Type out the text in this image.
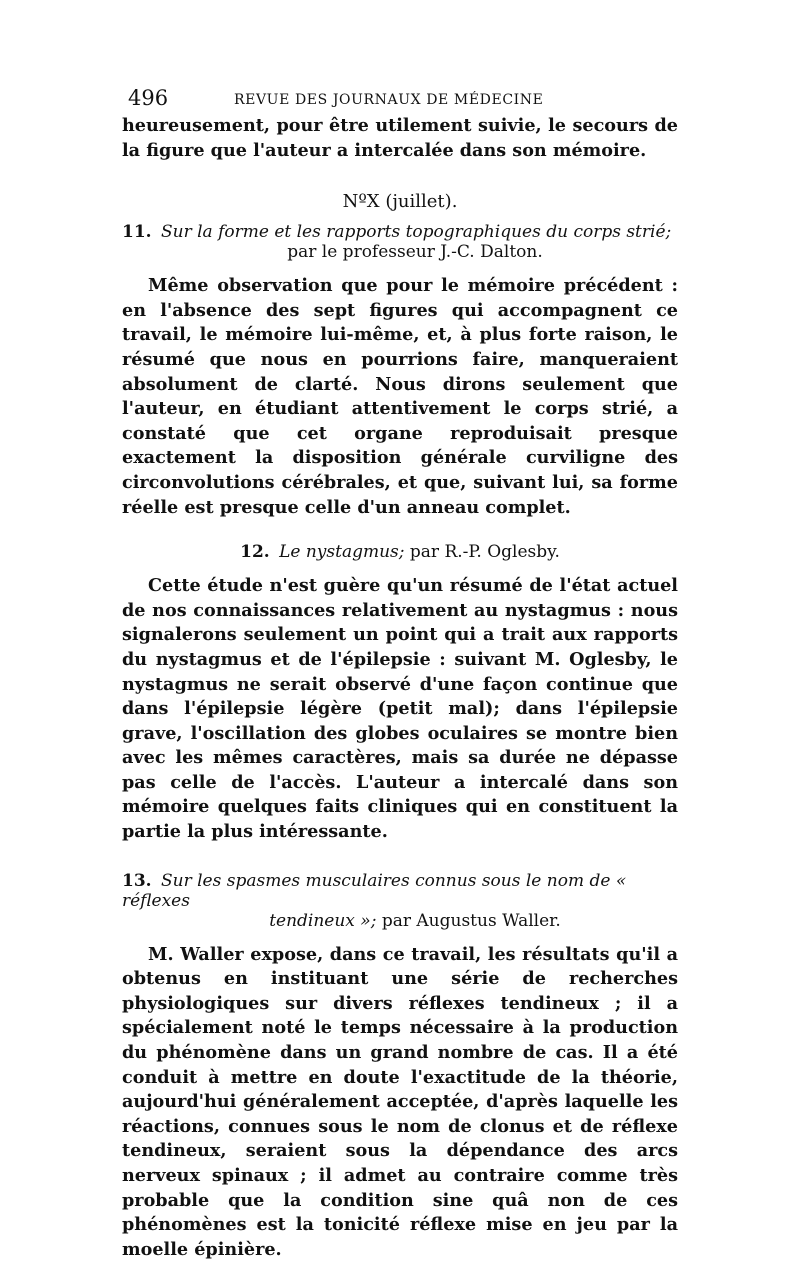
496	REVUE DES JOURNAUX DE MÉDECINE

heureusement, pour être utilement suivie, le secours de la figure que l'auteur a intercalée dans son mémoire.

NºX (juillet).
11. Sur la forme et les rapports topographiques du corps strié;
par le professeur J.-C. Dalton.

Même observation que pour le mémoire précédent : en l'absence des sept figures qui accompagnent ce travail, le mémoire lui-même, et, à plus forte raison, le résumé que nous en pourrions faire, manqueraient absolument de clarté. Nous dirons seulement que l'auteur, en étudiant attentivement le corps strié, a constaté que cet organe reproduisait presque exactement la disposition générale curviligne des circonvolutions cérébrales, et que, suivant lui, sa forme réelle est presque celle d'un anneau complet.

12. Le nystagmus; par R.-P. Oglesby.

Cette étude n'est guère qu'un résumé de l'état actuel de nos connaissances relativement au nystagmus : nous signalerons seulement un point qui a trait aux rapports du nystagmus et de l'épilepsie : suivant M. Oglesby, le nystagmus ne serait observé d'une façon continue que dans l'épilepsie légère (petit mal); dans l'épilepsie grave, l'oscillation des globes oculaires se montre bien avec les mêmes caractères, mais sa durée ne dépasse pas celle de l'accès. L'auteur a intercalé dans son mémoire quelques faits cliniques qui en constituent la partie la plus intéressante.

13. Sur les spasmes musculaires connus sous le nom de « réflexes
tendineux »; par Augustus Waller.

M. Waller expose, dans ce travail, les résultats qu'il a obtenus en instituant une série de recherches physiologiques sur divers réflexes tendineux ; il a spécialement noté le temps nécessaire à la production du phénomène dans un grand nombre de cas. Il a été conduit à mettre en doute l'exactitude de la théorie, aujourd'hui généralement acceptée, d'après laquelle les réactions, connues sous le nom de clonus et de réflexe tendineux, seraient sous la dépendance des arcs nerveux spinaux ; il admet au contraire comme très probable que la condition sine quâ non de ces phénomènes est la tonicité réflexe mise en jeu par la moelle épinière.
